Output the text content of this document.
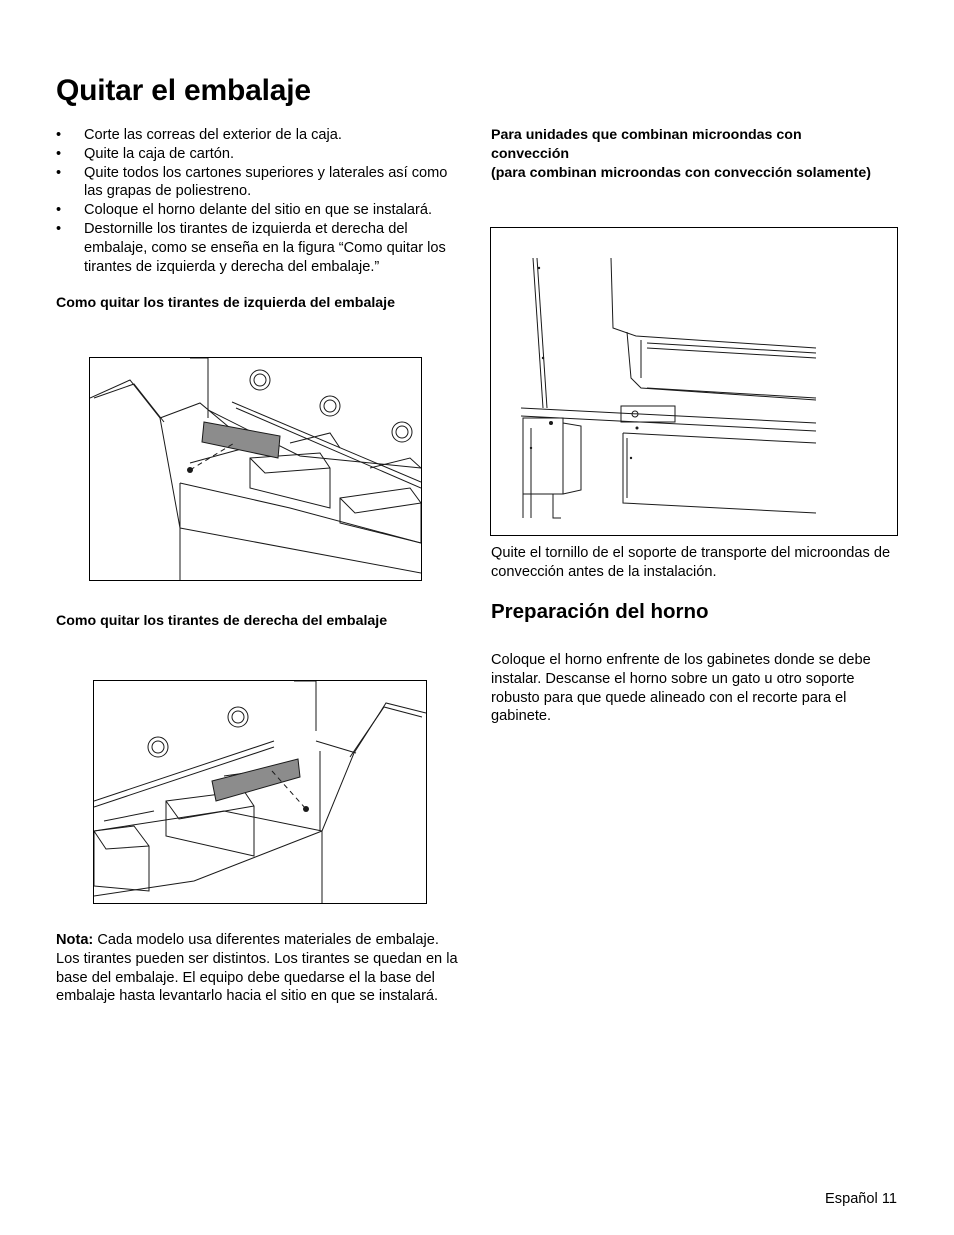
Quitar el embalaje
• Corte las correas del exterior de la caja.
• Quite la caja de cartón.
• Quite todos los cartones superiores y laterales así como las grapas de poliestreno.
• Coloque el horno delante del sitio en que se instalará.
• Destornille los tirantes de izquierda et derecha del embalaje, como se enseña en la figura “Como quitar los tirantes de izquierda y derecha del embalaje.”
Como quitar los tirantes de izquierda del embalaje
Como quitar los tirantes de derecha del embalaje
Nota: Cada modelo usa diferentes materiales de embalaje. Los tirantes pueden ser distintos. Los tirantes se quedan en la base del embalaje. El equipo debe quedarse el la base del embalaje hasta levantarlo hacia el sitio en que se instalará.
Para unidades que combinan microondas con convección
(para combinan microondas con convección solamente)
Quite el tornillo de el soporte de transporte del microondas de convección antes de la instalación.
Preparación del horno
Coloque el horno enfrente de los gabinetes donde se debe instalar. Descanse el horno sobre un gato u otro soporte robusto para que quede alineado con el recorte para el gabinete.
Español 11
